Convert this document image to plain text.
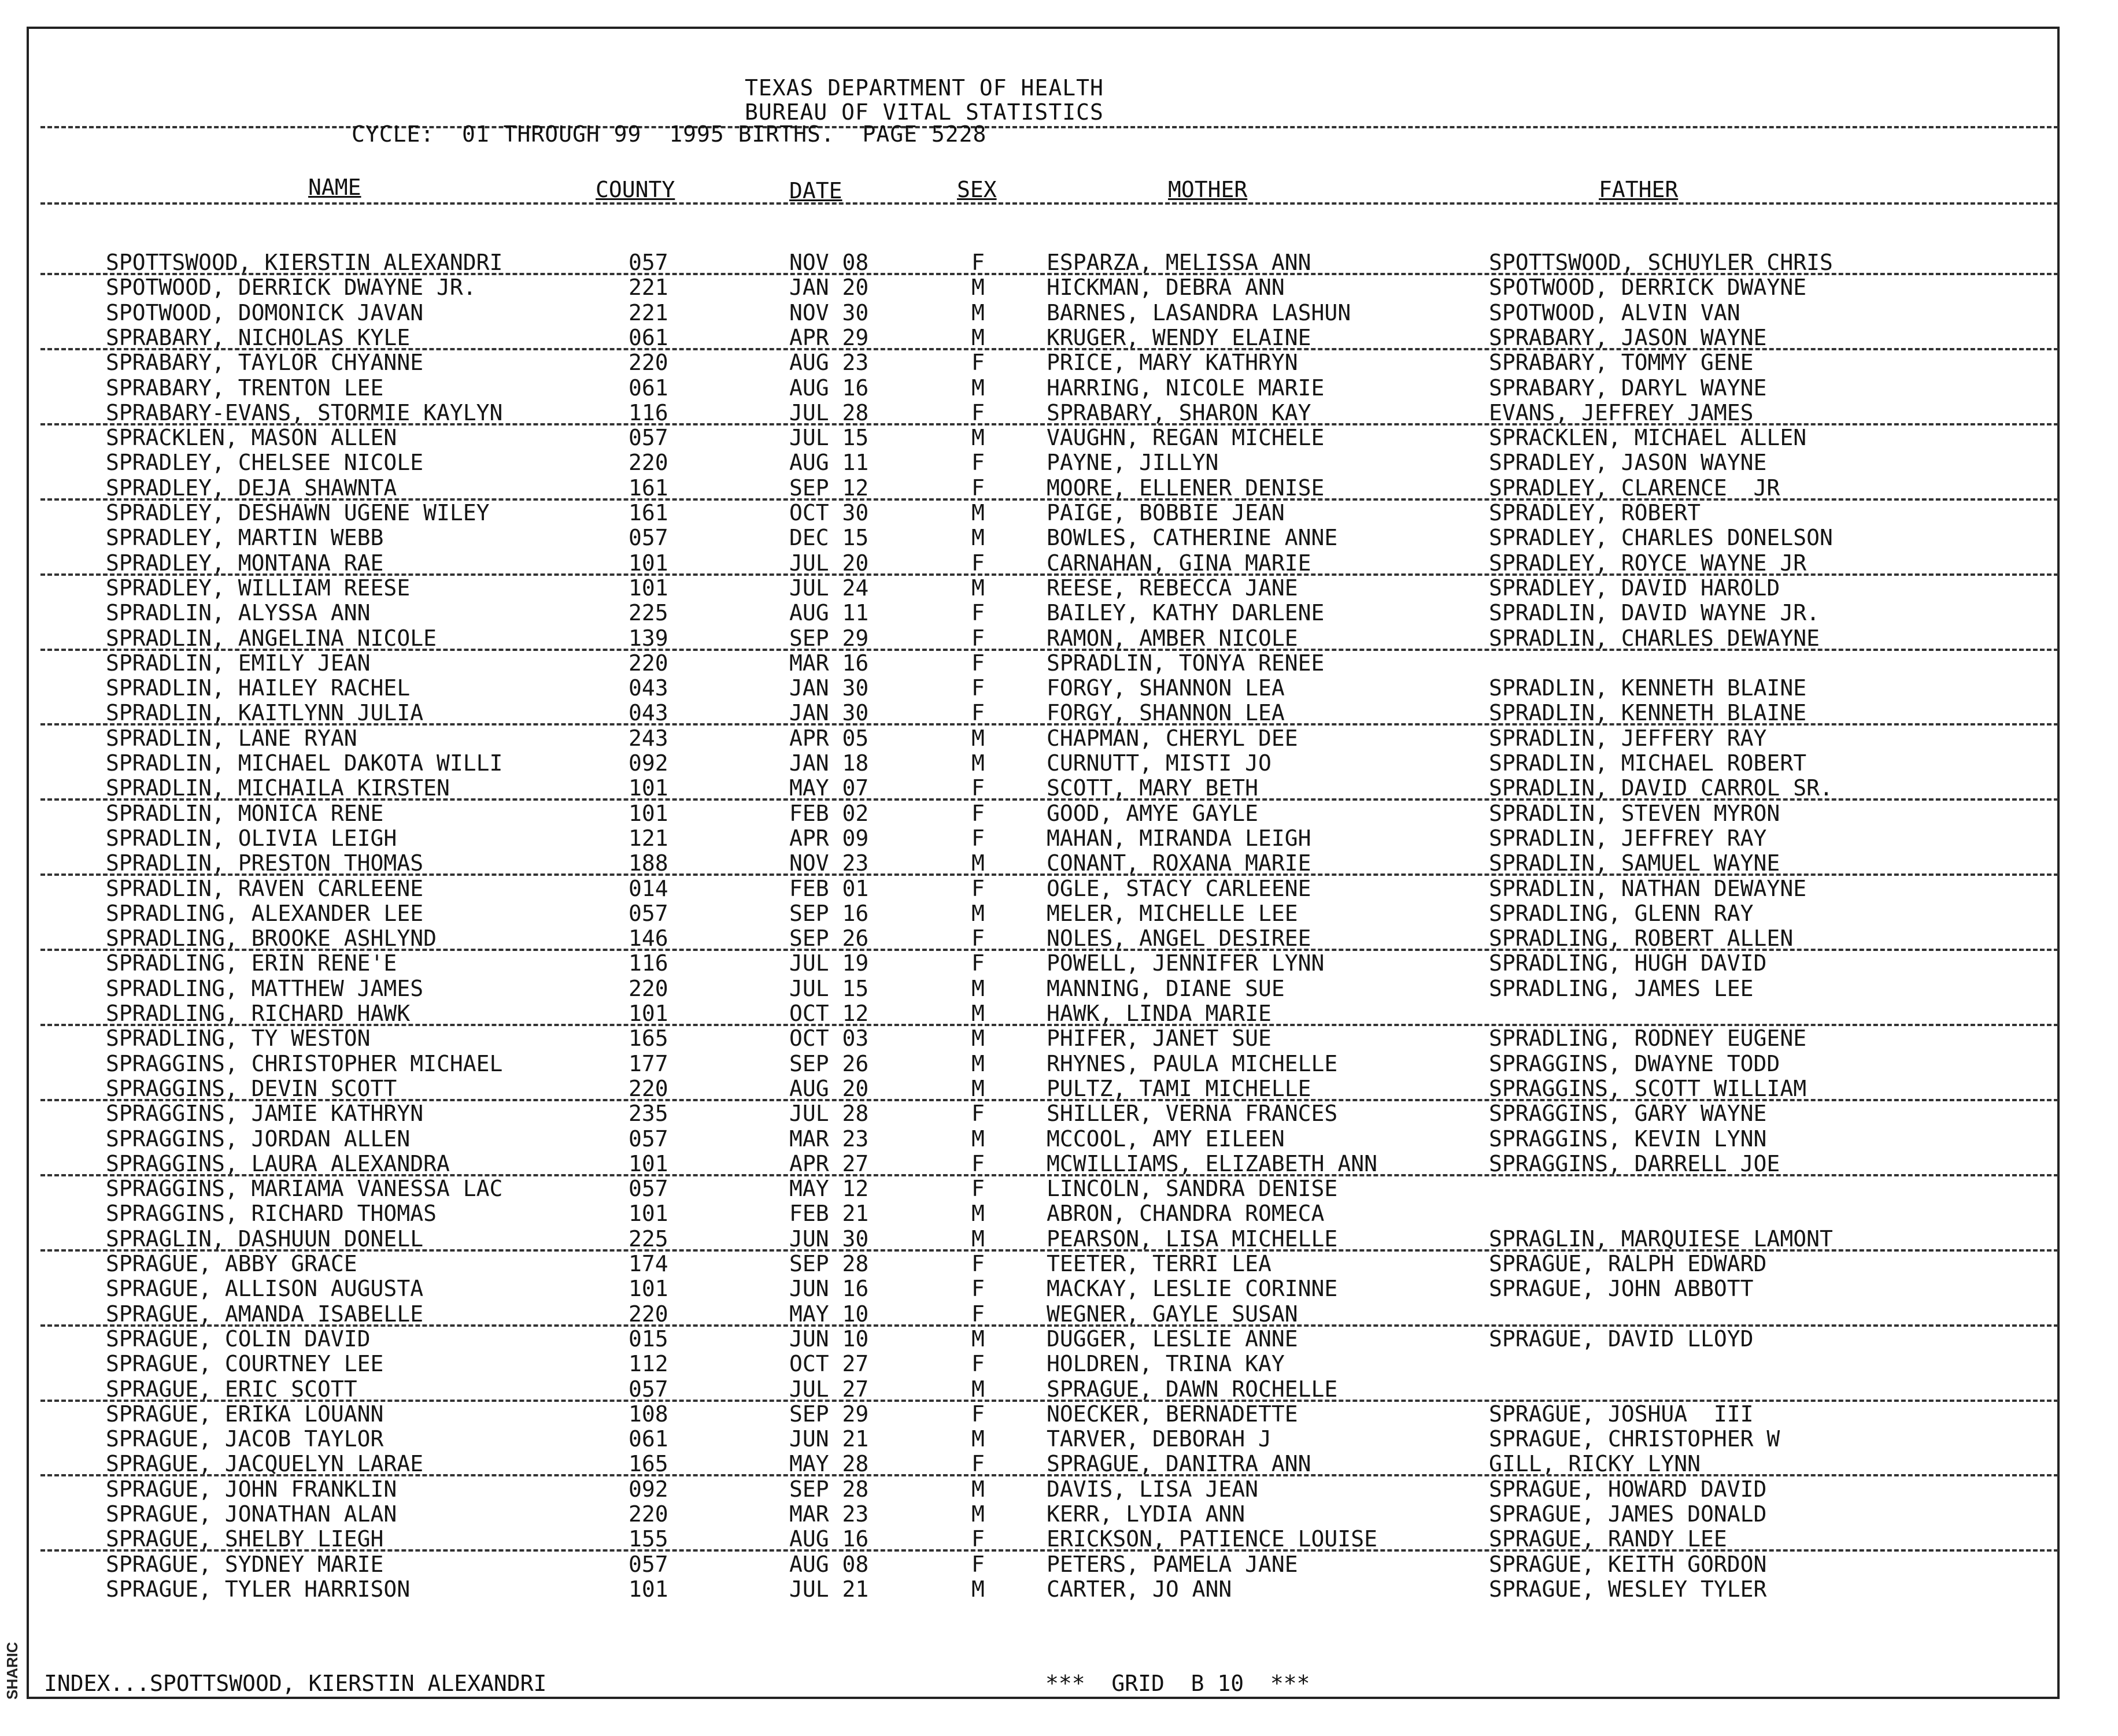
SHARIC
TEXAS DEPARTMENT OF HEALTH
BUREAU OF VITAL STATISTICS
CYCLE:  01 THROUGH 99  1995 BIRTHS.  PAGE 5228
NAME	COUNTY	DATE	SEX	MOTHER	FATHER
SPOTTSWOOD, KIERSTIN ALEXANDRI	057	NOV 08	F	ESPARZA, MELISSA ANN	SPOTTSWOOD, SCHUYLER CHRIS
SPOTWOOD, DERRICK DWAYNE JR.	221	JAN 20	M	HICKMAN, DEBRA ANN	SPOTWOOD, DERRICK DWAYNE
SPOTWOOD, DOMONICK JAVAN	221	NOV 30	M	BARNES, LASANDRA LASHUN	SPOTWOOD, ALVIN VAN
SPRABARY, NICHOLAS KYLE	061	APR 29	M	KRUGER, WENDY ELAINE	SPRABARY, JASON WAYNE
SPRABARY, TAYLOR CHYANNE	220	AUG 23	F	PRICE, MARY KATHRYN	SPRABARY, TOMMY GENE
SPRABARY, TRENTON LEE	061	AUG 16	M	HARRING, NICOLE MARIE	SPRABARY, DARYL WAYNE
SPRABARY-EVANS, STORMIE KAYLYN	116	JUL 28	F	SPRABARY, SHARON KAY	EVANS, JEFFREY JAMES
SPRACKLEN, MASON ALLEN	057	JUL 15	M	VAUGHN, REGAN MICHELE	SPRACKLEN, MICHAEL ALLEN
SPRADLEY, CHELSEE NICOLE	220	AUG 11	F	PAYNE, JILLYN	SPRADLEY, JASON WAYNE
SPRADLEY, DEJA SHAWNTA	161	SEP 12	F	MOORE, ELLENER DENISE	SPRADLEY, CLARENCE  JR
SPRADLEY, DESHAWN UGENE WILEY	161	OCT 30	M	PAIGE, BOBBIE JEAN	SPRADLEY, ROBERT
SPRADLEY, MARTIN WEBB	057	DEC 15	M	BOWLES, CATHERINE ANNE	SPRADLEY, CHARLES DONELSON
SPRADLEY, MONTANA RAE	101	JUL 20	F	CARNAHAN, GINA MARIE	SPRADLEY, ROYCE WAYNE JR
SPRADLEY, WILLIAM REESE	101	JUL 24	M	REESE, REBECCA JANE	SPRADLEY, DAVID HAROLD
SPRADLIN, ALYSSA ANN	225	AUG 11	F	BAILEY, KATHY DARLENE	SPRADLIN, DAVID WAYNE JR.
SPRADLIN, ANGELINA NICOLE	139	SEP 29	F	RAMON, AMBER NICOLE	SPRADLIN, CHARLES DEWAYNE
SPRADLIN, EMILY JEAN	220	MAR 16	F	SPRADLIN, TONYA RENEE
SPRADLIN, HAILEY RACHEL	043	JAN 30	F	FORGY, SHANNON LEA	SPRADLIN, KENNETH BLAINE
SPRADLIN, KAITLYNN JULIA	043	JAN 30	F	FORGY, SHANNON LEA	SPRADLIN, KENNETH BLAINE
SPRADLIN, LANE RYAN	243	APR 05	M	CHAPMAN, CHERYL DEE	SPRADLIN, JEFFERY RAY
SPRADLIN, MICHAEL DAKOTA WILLI	092	JAN 18	M	CURNUTT, MISTI JO	SPRADLIN, MICHAEL ROBERT
SPRADLIN, MICHAILA KIRSTEN	101	MAY 07	F	SCOTT, MARY BETH	SPRADLIN, DAVID CARROL SR.
SPRADLIN, MONICA RENE	101	FEB 02	F	GOOD, AMYE GAYLE	SPRADLIN, STEVEN MYRON
SPRADLIN, OLIVIA LEIGH	121	APR 09	F	MAHAN, MIRANDA LEIGH	SPRADLIN, JEFFREY RAY
SPRADLIN, PRESTON THOMAS	188	NOV 23	M	CONANT, ROXANA MARIE	SPRADLIN, SAMUEL WAYNE
SPRADLIN, RAVEN CARLEENE	014	FEB 01	F	OGLE, STACY CARLEENE	SPRADLIN, NATHAN DEWAYNE
SPRADLING, ALEXANDER LEE	057	SEP 16	M	MELER, MICHELLE LEE	SPRADLING, GLENN RAY
SPRADLING, BROOKE ASHLYND	146	SEP 26	F	NOLES, ANGEL DESIREE	SPRADLING, ROBERT ALLEN
SPRADLING, ERIN RENE'E	116	JUL 19	F	POWELL, JENNIFER LYNN	SPRADLING, HUGH DAVID
SPRADLING, MATTHEW JAMES	220	JUL 15	M	MANNING, DIANE SUE	SPRADLING, JAMES LEE
SPRADLING, RICHARD HAWK	101	OCT 12	M	HAWK, LINDA MARIE
SPRADLING, TY WESTON	165	OCT 03	M	PHIFER, JANET SUE	SPRADLING, RODNEY EUGENE
SPRAGGINS, CHRISTOPHER MICHAEL	177	SEP 26	M	RHYNES, PAULA MICHELLE	SPRAGGINS, DWAYNE TODD
SPRAGGINS, DEVIN SCOTT	220	AUG 20	M	PULTZ, TAMI MICHELLE	SPRAGGINS, SCOTT WILLIAM
SPRAGGINS, JAMIE KATHRYN	235	JUL 28	F	SHILLER, VERNA FRANCES	SPRAGGINS, GARY WAYNE
SPRAGGINS, JORDAN ALLEN	057	MAR 23	M	MCCOOL, AMY EILEEN	SPRAGGINS, KEVIN LYNN
SPRAGGINS, LAURA ALEXANDRA	101	APR 27	F	MCWILLIAMS, ELIZABETH ANN	SPRAGGINS, DARRELL JOE
SPRAGGINS, MARIAMA VANESSA LAC	057	MAY 12	F	LINCOLN, SANDRA DENISE
SPRAGGINS, RICHARD THOMAS	101	FEB 21	M	ABRON, CHANDRA ROMECA
SPRAGLIN, DASHUUN DONELL	225	JUN 30	M	PEARSON, LISA MICHELLE	SPRAGLIN, MARQUIESE LAMONT
SPRAGUE, ABBY GRACE	174	SEP 28	F	TEETER, TERRI LEA	SPRAGUE, RALPH EDWARD
SPRAGUE, ALLISON AUGUSTA	101	JUN 16	F	MACKAY, LESLIE CORINNE	SPRAGUE, JOHN ABBOTT
SPRAGUE, AMANDA ISABELLE	220	MAY 10	F	WEGNER, GAYLE SUSAN
SPRAGUE, COLIN DAVID	015	JUN 10	M	DUGGER, LESLIE ANNE	SPRAGUE, DAVID LLOYD
SPRAGUE, COURTNEY LEE	112	OCT 27	F	HOLDREN, TRINA KAY
SPRAGUE, ERIC SCOTT	057	JUL 27	M	SPRAGUE, DAWN ROCHELLE
SPRAGUE, ERIKA LOUANN	108	SEP 29	F	NOECKER, BERNADETTE	SPRAGUE, JOSHUA  III
SPRAGUE, JACOB TAYLOR	061	JUN 21	M	TARVER, DEBORAH J	SPRAGUE, CHRISTOPHER W
SPRAGUE, JACQUELYN LARAE	165	MAY 28	F	SPRAGUE, DANITRA ANN	GILL, RICKY LYNN
SPRAGUE, JOHN FRANKLIN	092	SEP 28	M	DAVIS, LISA JEAN	SPRAGUE, HOWARD DAVID
SPRAGUE, JONATHAN ALAN	220	MAR 23	M	KERR, LYDIA ANN	SPRAGUE, JAMES DONALD
SPRAGUE, SHELBY LIEGH	155	AUG 16	F	ERICKSON, PATIENCE LOUISE	SPRAGUE, RANDY LEE
SPRAGUE, SYDNEY MARIE	057	AUG 08	F	PETERS, PAMELA JANE	SPRAGUE, KEITH GORDON
SPRAGUE, TYLER HARRISON	101	JUL 21	M	CARTER, JO ANN	SPRAGUE, WESLEY TYLER
INDEX...SPOTTSWOOD, KIERSTIN ALEXANDRI	***  GRID  B 10  ***
